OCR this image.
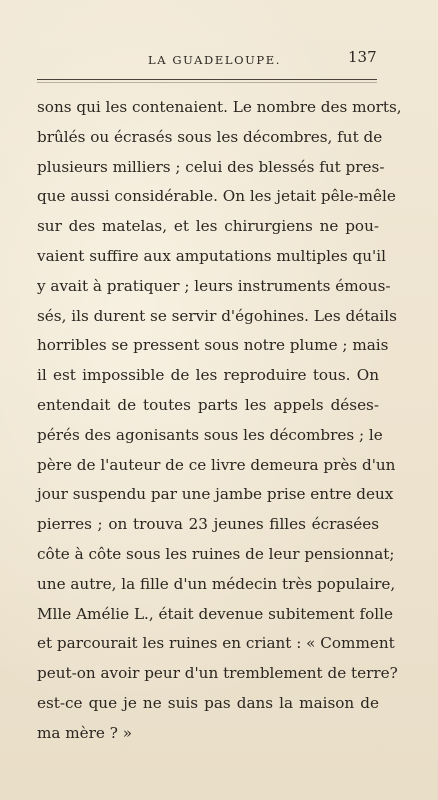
LA GUADELOUPE.	137
sons qui les contenaient. Le nombre des morts,
brûlés ou écrasés sous les décombres, fut de
plusieurs milliers ; celui des blessés fut pres-
que aussi considérable. On les jetait pêle-mêle
sur des matelas, et les chirurgiens ne pou-
vaient suffire aux amputations multiples qu'il
y avait à pratiquer ; leurs instruments émous-
sés, ils durent se servir d'égohines. Les détails
horribles se pressent sous notre plume ; mais
il est impossible de les reproduire tous. On
entendait de toutes parts les appels déses-
pérés des agonisants sous les décombres ; le
père de l'auteur de ce livre demeura près d'un
jour suspendu par une jambe prise entre deux
pierres ; on trouva 23 jeunes filles écrasées
côte à côte sous les ruines de leur pensionnat;
une autre, la fille d'un médecin très populaire,
Mlle Amélie L., était devenue subitement folle
et parcourait les ruines en criant : « Comment
peut-on avoir peur d'un tremblement de terre?
est-ce que je ne suis pas dans la maison de
ma mère ? »
